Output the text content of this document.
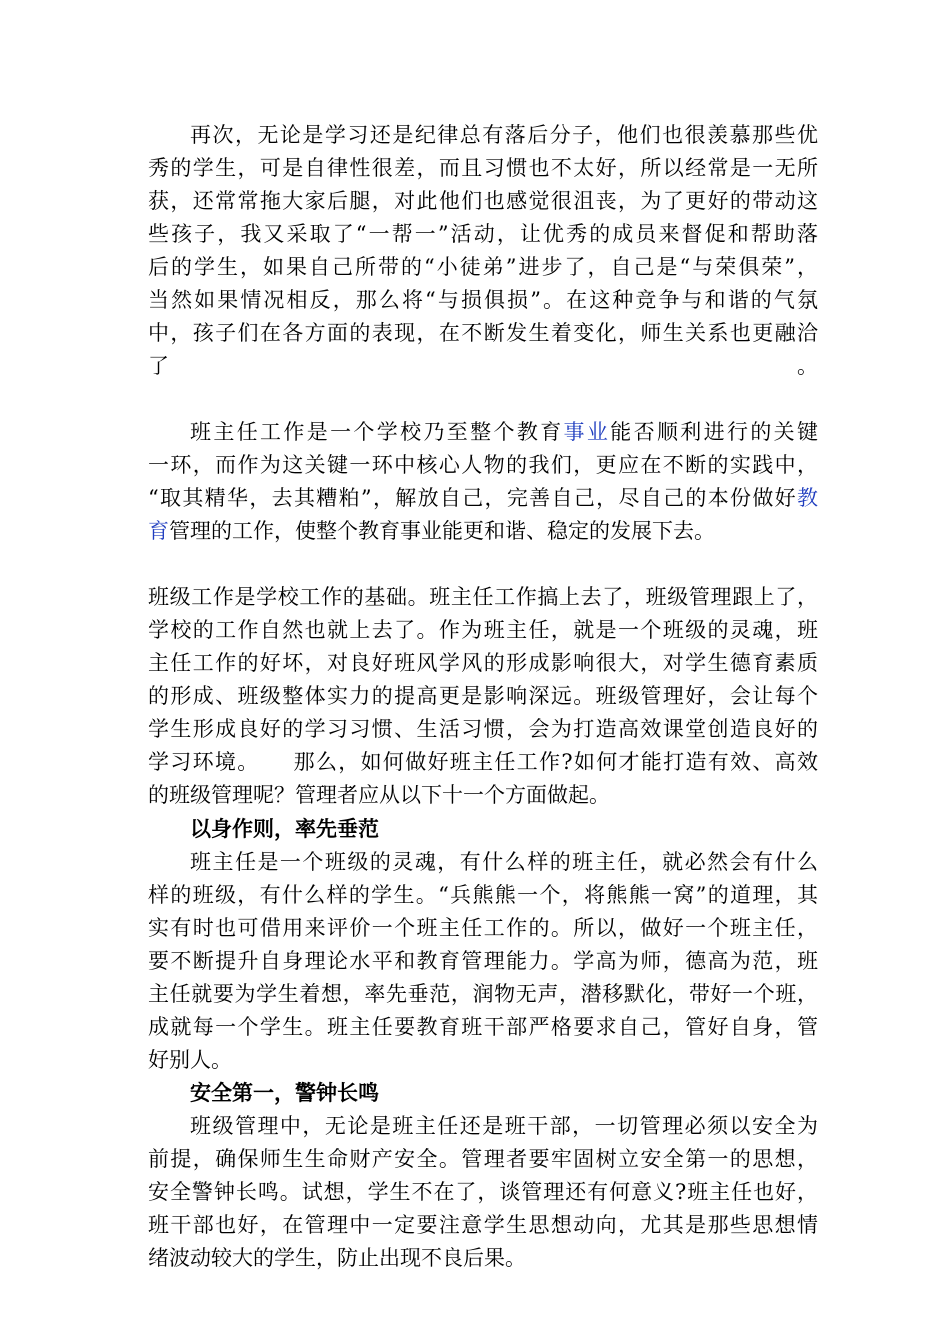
再次，无论是学习还是纪律总有落后分子，他们也很羡慕那些优
秀的学生，可是自律性很差，而且习惯也不太好，所以经常是一无所
获，还常常拖大家后腿，对此他们也感觉很沮丧，为了更好的带动这
些孩子，我又采取了“一帮一”活动，让优秀的成员来督促和帮助落
后的学生，如果自己所带的“小徒弟”进步了，自己是“与荣俱荣”，
当然如果情况相反，那么将“与损俱损”。在这种竞争与和谐的气氛
中，孩子们在各方面的表现，在不断发生着变化，师生关系也更融洽
了。
班主任工作是一个学校乃至整个教育事业能否顺利进行的关键
一环，而作为这关键一环中核心人物的我们，更应在不断的实践中，
“取其精华，去其糟粕”，解放自己，完善自己，尽自己的本份做好教
育管理的工作，使整个教育事业能更和谐、稳定的发展下去。
班级工作是学校工作的基础。班主任工作搞上去了，班级管理跟上了，
学校的工作自然也就上去了。作为班主任，就是一个班级的灵魂，班
主任工作的好坏，对良好班风学风的形成影响很大，对学生德育素质
的形成、班级整体实力的提高更是影响深远。班级管理好，会让每个
学生形成良好的学习习惯、生活习惯，会为打造高效课堂创造良好的
学习环境。　　那么，如何做好班主任工作?如何才能打造有效、高效
的班级管理呢？管理者应从以下十一个方面做起。
以身作则，率先垂范
班主任是一个班级的灵魂，有什么样的班主任，就必然会有什么
样的班级，有什么样的学生。“兵熊熊一个，将熊熊一窝”的道理，其
实有时也可借用来评价一个班主任工作的。所以，做好一个班主任，
要不断提升自身理论水平和教育管理能力。学高为师，德高为范，班
主任就要为学生着想，率先垂范，润物无声，潜移默化，带好一个班，
成就每一个学生。班主任要教育班干部严格要求自己，管好自身，管
好别人。
安全第一，警钟长鸣
班级管理中，无论是班主任还是班干部，一切管理必须以安全为
前提，确保师生生命财产安全。管理者要牢固树立安全第一的思想，
安全警钟长鸣。试想，学生不在了，谈管理还有何意义?班主任也好，
班干部也好，在管理中一定要注意学生思想动向，尤其是那些思想情
绪波动较大的学生，防止出现不良后果。
